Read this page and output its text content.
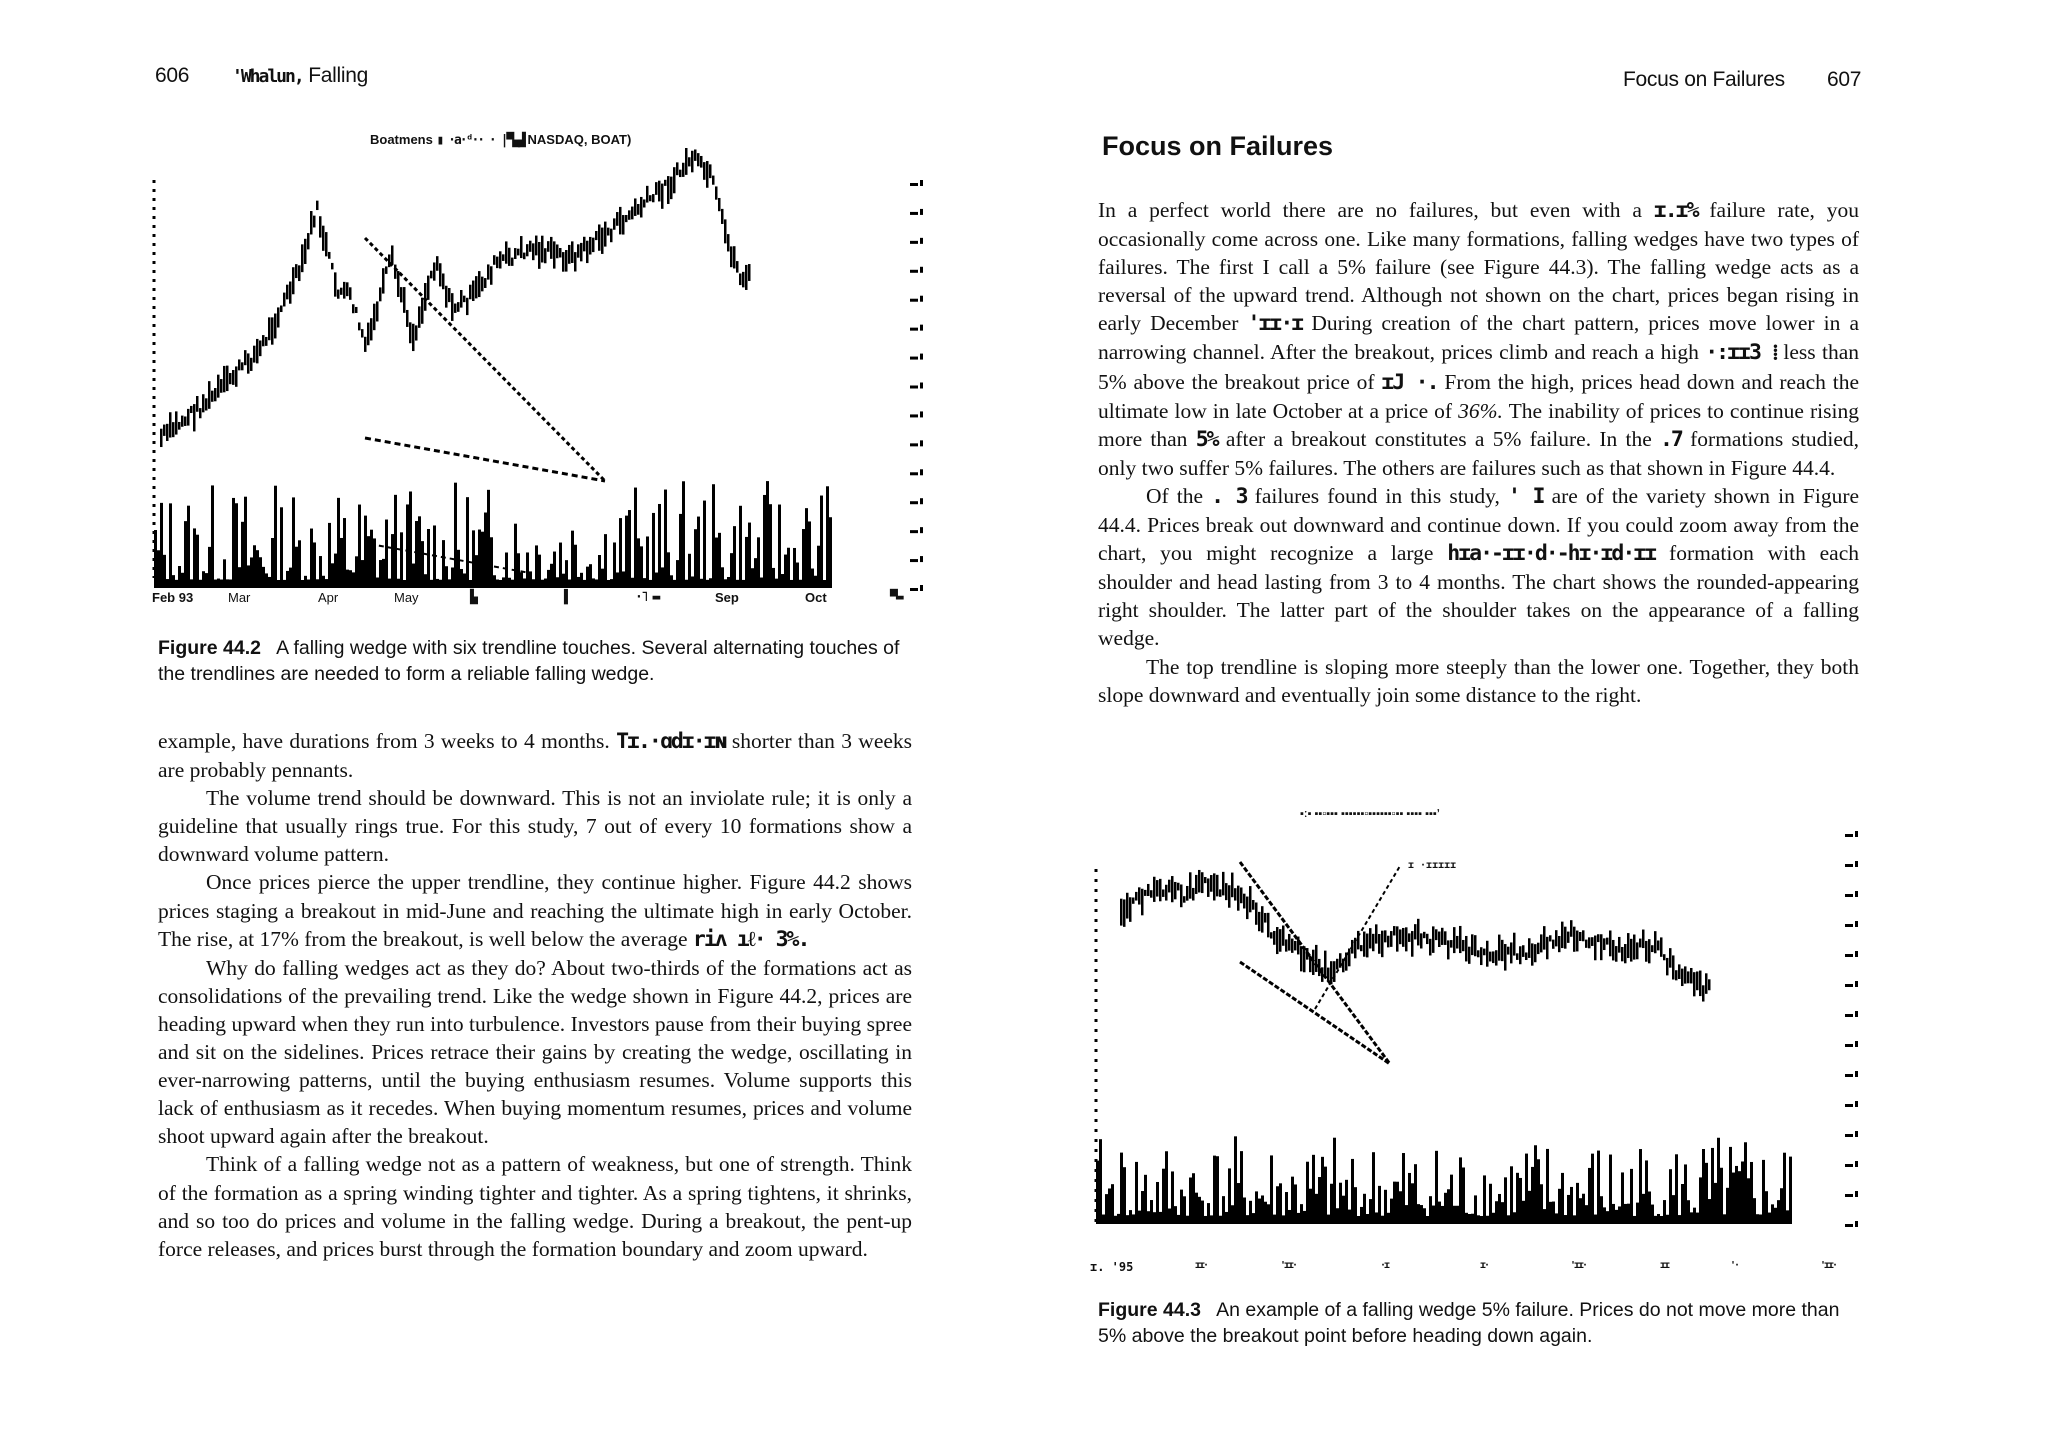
606 'Whalun, Falling
Boatmens ▮ ·a·ᵈ·· · |▀▄▟ NASDAQ, BOAT)
Feb 93	Mar	Apr	May	▙	▐	·˥ ▬	Sep	Oct	▀▬
Figure 44.2 A falling wedge with six trendline touches. Several alternating touches of the trendlines are needed to form a reliable falling wedge.

example, have durations from 3 weeks to 4 months. Tɪ.·ɑdɪ·ɪɴ shorter than 3 weeks are probably pennants.

The volume trend should be downward. This is not an inviolate rule; it is only a guideline that usually rings true. For this study, 7 out of every 10 formations show a downward volume pattern.

Once prices pierce the upper trendline, they continue higher. Figure 44.2 shows prices staging a breakout in mid-June and reaching the ultimate high in early October. The rise, at 17% from the breakout, is well below the average riʌ ıℓ· 3%.

Why do falling wedges act as they do? About two-thirds of the formations act as consolidations of the prevailing trend. Like the wedge shown in Figure 44.2, prices are heading upward when they run into turbulence. Investors pause from their buying spree and sit on the sidelines. Prices retrace their gains by creating the wedge, oscillating in ever-narrowing patterns, until the buying enthusiasm resumes. Volume supports this lack of enthusiasm as it recedes. When buying momentum resumes, prices and volume shoot upward again after the breakout.

Think of a falling wedge not as a pattern of weakness, but one of strength. Think of the formation as a spring winding tighter and tighter. As a spring tightens, it shrinks, and so too do prices and volume in the falling wedge. During a breakout, the pent-up force releases, and prices burst through the formation boundary and zoom upward.

Focus on Failures 607
Focus on Failures

In a perfect world there are no failures, but even with a ɪ.ɪ% failure rate, you occasionally come across one. Like many formations, falling wedges have two types of failures. The first I call a 5% failure (see Figure 44.3). The falling wedge acts as a reversal of the upward trend. Although not shown on the chart, prices began rising in early December 'ɪɪ·ɪ During creation of the chart pattern, prices move lower in a narrowing channel. After the breakout, prices climb and reach a high ·:ɪɪ3 ⁞ less than 5% above the breakout price of ɪJ ·. From the high, prices head down and reach the ultimate low in late October at a price of 36%. The inability of prices to continue rising more than 5% after a breakout constitutes a 5% failure. In the .7 formations studied, only two suffer 5% failures. The others are failures such as that shown in Figure 44.4.

Of the . 3 failures found in this study, ' I are of the variety shown in Figure 44.4. Prices break out downward and continue down. If you could zoom away from the chart, you might recognize a large hɪa·-ɪɪ·d·-hɪ·ɪd·ɪɪ formation with each shoulder and head lasting from 3 to 4 months. The chart shows the rounded-appearing right shoulder. The latter part of the shoulder takes on the appearance of a falling wedge.

The top trendline is sloping more steeply than the lower one. Together, they both slope downward and eventually join some distance to the right.

▪ː▪ ▪▪▫▪▪▪ ▪▪▪▪▪▪▫▪▪▪▪▪▪▫▪▪ ▪▪▪▪ ▪▪▪ʼ
ɪ ·ɪɪɪɪɪ
ɪ. '95	ɪɪ·	'ɪɪ·	·ɪ	ɪ·	'ɪɪ·	ɪɪ	'·	'ɪɪ·
Figure 44.3 An example of a falling wedge 5% failure. Prices do not move more than 5% above the breakout point before heading down again.
